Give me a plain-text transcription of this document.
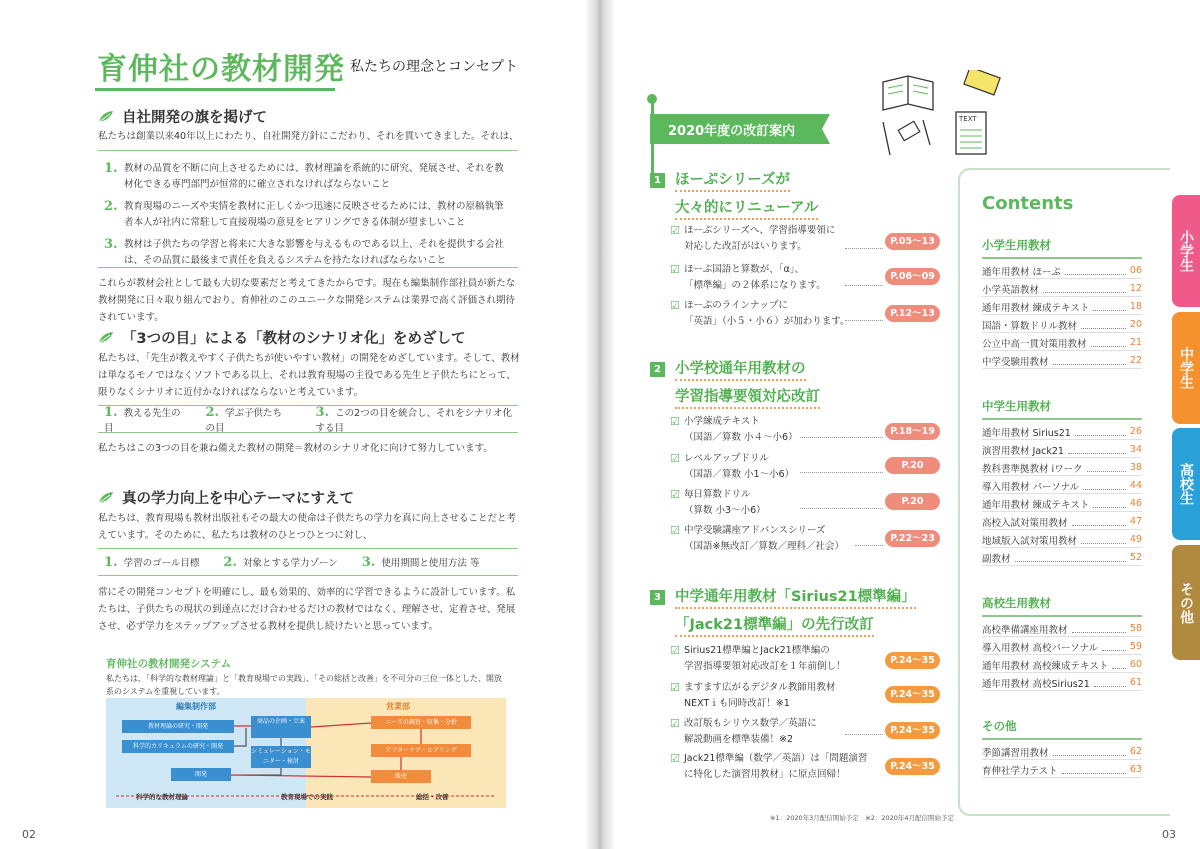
育伸社の教材開発 私たちの理念とコンセプト
自社開発の旗を掲げて
私たちは創業以来40年以上にわたり、自社開発方針にこだわり、それを貫いてきました。それは、
1. 教材の品質を不断に向上させるためには、教材理論を系統的に研究、発展させ、それを教材化できる専門部門が恒常的に確立されなければならないこと
2. 教育現場のニーズや実情を教材に正しくかつ迅速に反映させるためには、教材の原稿執筆者本人が社内に常駐して直接現場の意見をヒアリングできる体制が望ましいこと
3. 教材は子供たちの学習と将来に大きな影響を与えるものである以上、それを提供する会社は、その品質に最後まで責任を負えるシステムを持たなければならないこと
これらが教材会社として最も大切な要素だと考えてきたからです。現在も編集制作部社員が新たな教材開発に日々取り組んでおり、育伸社のこのユニークな開発システムは業界で高く評価され期待されています。
「3つの目」による「教材のシナリオ化」をめざして
私たちは、「先生が教えやすく子供たちが使いやすい教材」の開発をめざしています。そして、教材は単なるモノではなくソフトである以上、それは教育現場の主役である先生と子供たちにとって、限りなくシナリオに近付かなければならないと考えています。
1. 教える先生の目
2. 学ぶ子供たちの目
3. この2つの目を統合し、それをシナリオ化する目
私たちはこの3つの目を兼ね備えた教材の開発＝教材のシナリオ化に向けて努力しています。
真の学力向上を中心テーマにすえて
私たちは、教育現場も教材出版社もその最大の使命は子供たちの学力を真に向上させることだと考えています。そのために、私たちは教材のひとつひとつに対し、
1. 学習のゴール目標 2. 対象とする学力ゾーン 3. 使用期間と使用方法 等
常にその開発コンセプトを明確にし、最も効果的、効率的に学習できるように設計しています。私たちは、子供たちの現状の到達点にだけ合わせるだけの教材ではなく、理解させ、定着させ、発展させ、必ず学力をステップアップさせる教材を提供し続けたいと思っています。
育伸社の教材開発システム
私たちは、「科学的な教材理論」と「教育現場での実践」、「その総括と改善」を不可分の三位一体とした、開放系のシステムを重視しています。
編集制作部	営業部
教材理論の研究・開発
科学的カリキュラムの研究・開発
商品の企画・立案
シミュレーション・モニター・検討
開発
ニーズの調査・収集・分析
アフターケア・ヒアリング
販売
科学的な教材理論	教育現場での実践	総括・改善
02
TEXT
2020年度の改訂案内
1 ほーぷシリーズが
大々的にリニューアル
☑ ほーぷシリーズへ、学習指導要領に
対応した改訂がはいります。	P.05～13
☑ ほーぷ国語と算数が、「α」、
「標準編」の２体系になります。
P.06～09
☑ ほーぷのラインナップに
「英語」（小５・小６）が加わります。
P.12～13
2 小学校通年用教材の
学習指導要領対応改訂
☑ 小学練成テキスト
（国語／算数 小４～小6）
P.18～19
☑ レベルアップドリル
（国語／算数 小1～小6）
P.20
☑ 毎日算数ドリル
（算数 小3～小6）
P.20
☑ 中学受験講座アドバンスシリーズ
（国語※無改訂／算数／理科／社会）
P.22～23
3 中学通年用教材「Sirius21標準編」
「Jack21標準編」の先行改訂
☑ Sirius21標準編とJack21標準編の
学習指導要領対応改訂を１年前倒し！
P.24～35
☑ ますます広がるデジタル教師用教材
NEXTｉも同時改訂！※1
P.24～35
☑ 改訂版もシリウス数学／英語に
解説動画を標準装備！※2
P.24～35
☑ Jack21標準編（数学／英語）は「問題演習
に特化した演習用教材」に原点回帰！
P.24～35
※1：2020年3月配信開始予定　※2：2020年4月配信開始予定
Contents
小学生用教材
通年用教材 ほーぷ	06
小学英語教材	12
通年用教材 練成テキスト	18
国語・算数ドリル教材	20
公立中高一貫対策用教材	21
中学受験用教材	22
中学生用教材
通年用教材 Sirius21	26
演習用教材 Jack21	34
教科書準拠教材 iワーク	38
導入用教材 パーソナル	44
通年用教材 練成テキスト	46
高校入試対策用教材	47
地域版入試対策用教材	49
副教材	52
高校生用教材
高校準備講座用教材	58
導入用教材 高校パーソナル	59
通年用教材 高校練成テキスト 60
通年用教材 高校Sirius21	61
その他
季節講習用教材	62
育伸社学力テスト	63
小学生
中学生
高校生
その他
03
